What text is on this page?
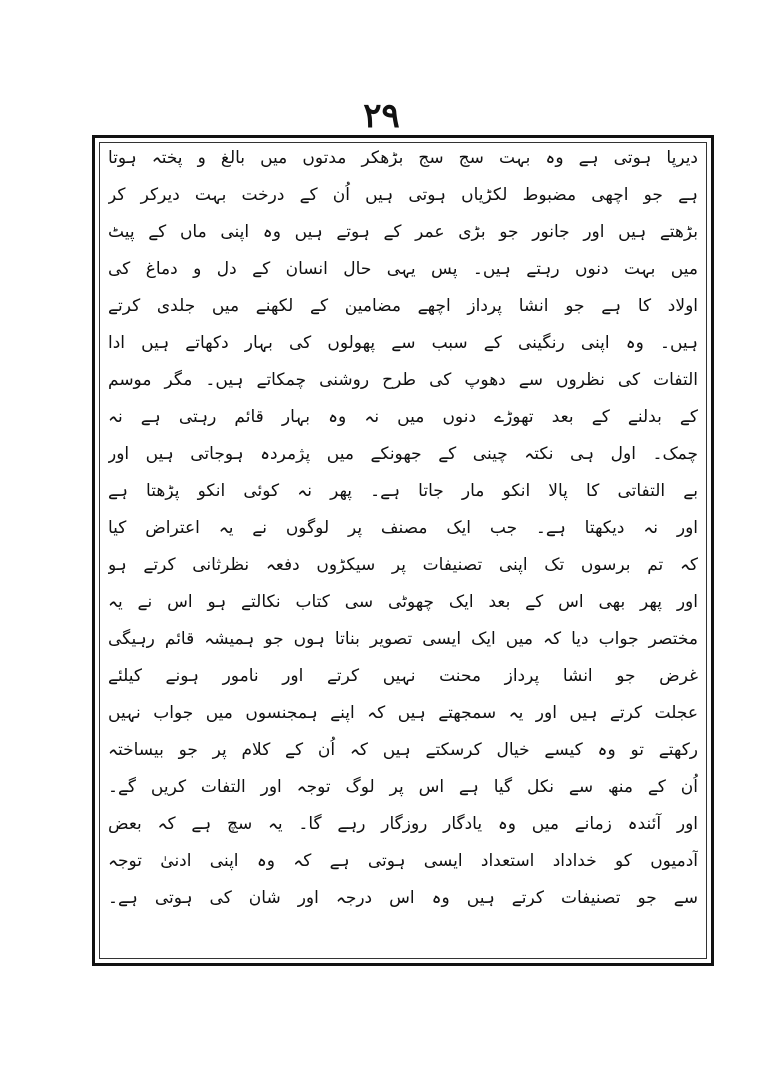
۲۹
دیرپا ہوتی ہے وہ بہت سج سج بڑھکر مدتوں میں بالغ و پختہ ہوتا
ہے جو اچھی مضبوط لکڑیاں ہوتی ہیں اُن کے درخت بہت دیرکر کر
بڑھتے ہیں اور جانور جو بڑی عمر کے ہوتے ہیں وہ اپنی ماں کے پیٹ
میں بہت دنوں رہتے ہیں۔ پس یہی حال انسان کے دل و دماغ کی
اولاد کا ہے جو انشا پرداز اچھے مضامین کے لکھنے میں جلدی کرتے
ہیں۔ وہ اپنی رنگینی کے سبب سے پھولوں کی بہار دکھاتے ہیں ادا
التفات کی نظروں سے دھوپ کی طرح روشنی چمکاتے ہیں۔ مگر موسم
کے بدلنے کے بعد تھوڑے دنوں میں نہ وہ بہار قائم رہتی ہے نہ
چمک۔ اول ہی نکتہ چینی کے جھونکے میں پژمردہ ہوجاتی ہیں اور
بے التفاتی کا پالا انکو مار جاتا ہے۔ پھر نہ کوئی انکو پڑھتا ہے
اور نہ دیکھتا ہے۔ جب ایک مصنف پر لوگوں نے یہ اعتراض کیا
کہ تم برسوں تک اپنی تصنیفات پر سیکڑوں دفعہ نظرثانی کرتے ہو
اور پھر بھی اس کے بعد ایک چھوٹی سی کتاب نکالتے ہو اس نے یہ
مختصر جواب دیا کہ میں ایک ایسی تصویر بناتا ہوں جو ہمیشہ قائم رہیگی
غرض جو انشا پرداز محنت نہیں کرتے اور نامور ہونے کیلئے
عجلت کرتے ہیں اور یہ سمجھتے ہیں کہ اپنے ہمجنسوں میں جواب نہیں
رکھتے تو وہ کیسے خیال کرسکتے ہیں کہ اُن کے کلام پر جو بیساختہ
اُن کے منھ سے نکل گیا ہے اس پر لوگ توجہ اور التفات کریں گے۔
اور آئندہ زمانے میں وہ یادگار روزگار رہے گا۔ یہ سچ ہے کہ بعض
آدمیوں کو خداداد استعداد ایسی ہوتی ہے کہ وہ اپنی ادنیٰ توجہ
سے جو تصنیفات کرتے ہیں وہ اس درجہ اور شان کی ہوتی ہے۔
